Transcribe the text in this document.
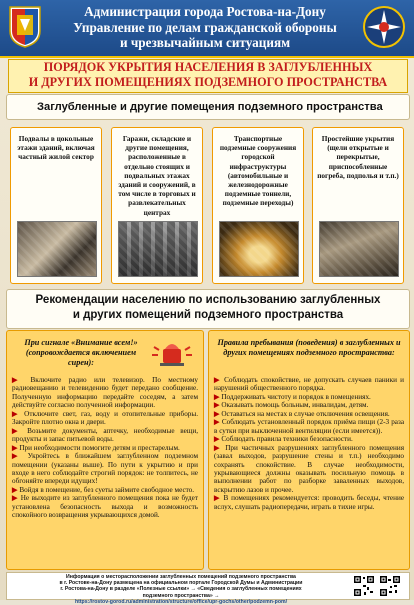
Администрация города Ростова-на-Дону
Управление по делам гражданской обороны
и чрезвычайным ситуациям
ПОРЯДОК УКРЫТИЯ НАСЕЛЕНИЯ В ЗАГЛУБЛЕННЫХ
И ДРУГИХ ПОМЕЩЕНИЯХ ПОДЗЕМНОГО ПРОСТРАНСТВА
Заглубленные и другие помещения подземного пространства
Подвалы в цокольные этажи зданий, включая частный жилой сектор
Гаражи, складские и другие помещения, расположенные в отдельно стоящих и подвальных этажах зданий и сооружений, в том числе в торговых и развлекательных центрах
Транспортные подземные сооружения городской инфраструктуры (автомобильные и железнодорожные подземные тоннели, подземные переходы)
Простейшие укрытия (щели открытые и перекрытые, приспособленные погреба, подполья и т.п.)
Рекомендации населению по использованию заглубленных
и других помещений подземного пространства
При сигнале «Внимание всем!» (сопровождается включением сирен):

▶ Включите радио или телевизор. По местному радиовещанию и телевидению будет передано сообщение. Полученную информацию передайте соседям, а затем действуйте согласно полученной информации.

▶ Отключите свет, газ, воду и отопительные приборы. Закройте плотно окна и двери.

▶ Возьмите документы, аптечку, необходимые вещи, продукты и запас питьевой воды.

▶ При необходимости помогите детям и престарелым.

▶ Укройтесь в ближайшем заглубленном подземном помещении (указаны выше). По пути к укрытию и при входе в него соблюдайте строгий порядок: не толпитесь, не обгоняйте впереди идущих!

▶ Войдя в помещение, без суеты займите свободное место.

▶ Не выходите из заглубленного помещения пока не будет установлена безопасность выхода и возможность спокойного возвращения укрывающихся домой.

Правила пребывания (поведения) в заглубленных и других помещениях подземного пространства:

▶ Соблюдать спокойствие, не допускать случаев паники и нарушений общественного порядка.

▶ Поддерживать чистоту и порядок в помещениях.

▶ Оказывать помощь больным, инвалидам, детям.

▶ Оставаться на местах в случае отключения освещения.

▶ Соблюдать установленный порядок приёма пищи (2-3 раза в сутки при выключенной вентиляции (если имеется)).

▶ Соблюдать правила техники безопасности.

▶ При частичных разрушениях заглубленного помещения (завал выходов, разрушение стены и т.п.) необходимо сохранять спокойствие. В случае необходимости, укрывающиеся должны оказывать посильную помощь в выполнении работ по разборке заваленных выходов, вскрытию лазов и прочее.

▶ В помещениях рекомендуется: проводить беседы, чтение вслух, слушать радиопередачи, играть в тихие игры.

Информация о месторасположении заглубленных помещений подземного пространства
в г. Ростове-на-Дону размещена на официальном портале Городской Думы и Администрации
г. Ростова-на-Дону в разделе «Полезные ссылки» → «Сведения о заглубленных помещениях
подземного пространства» →
https://rostov-gorod.ru/administration/structure/office/upr-gochs/other/podzemn-pom/
